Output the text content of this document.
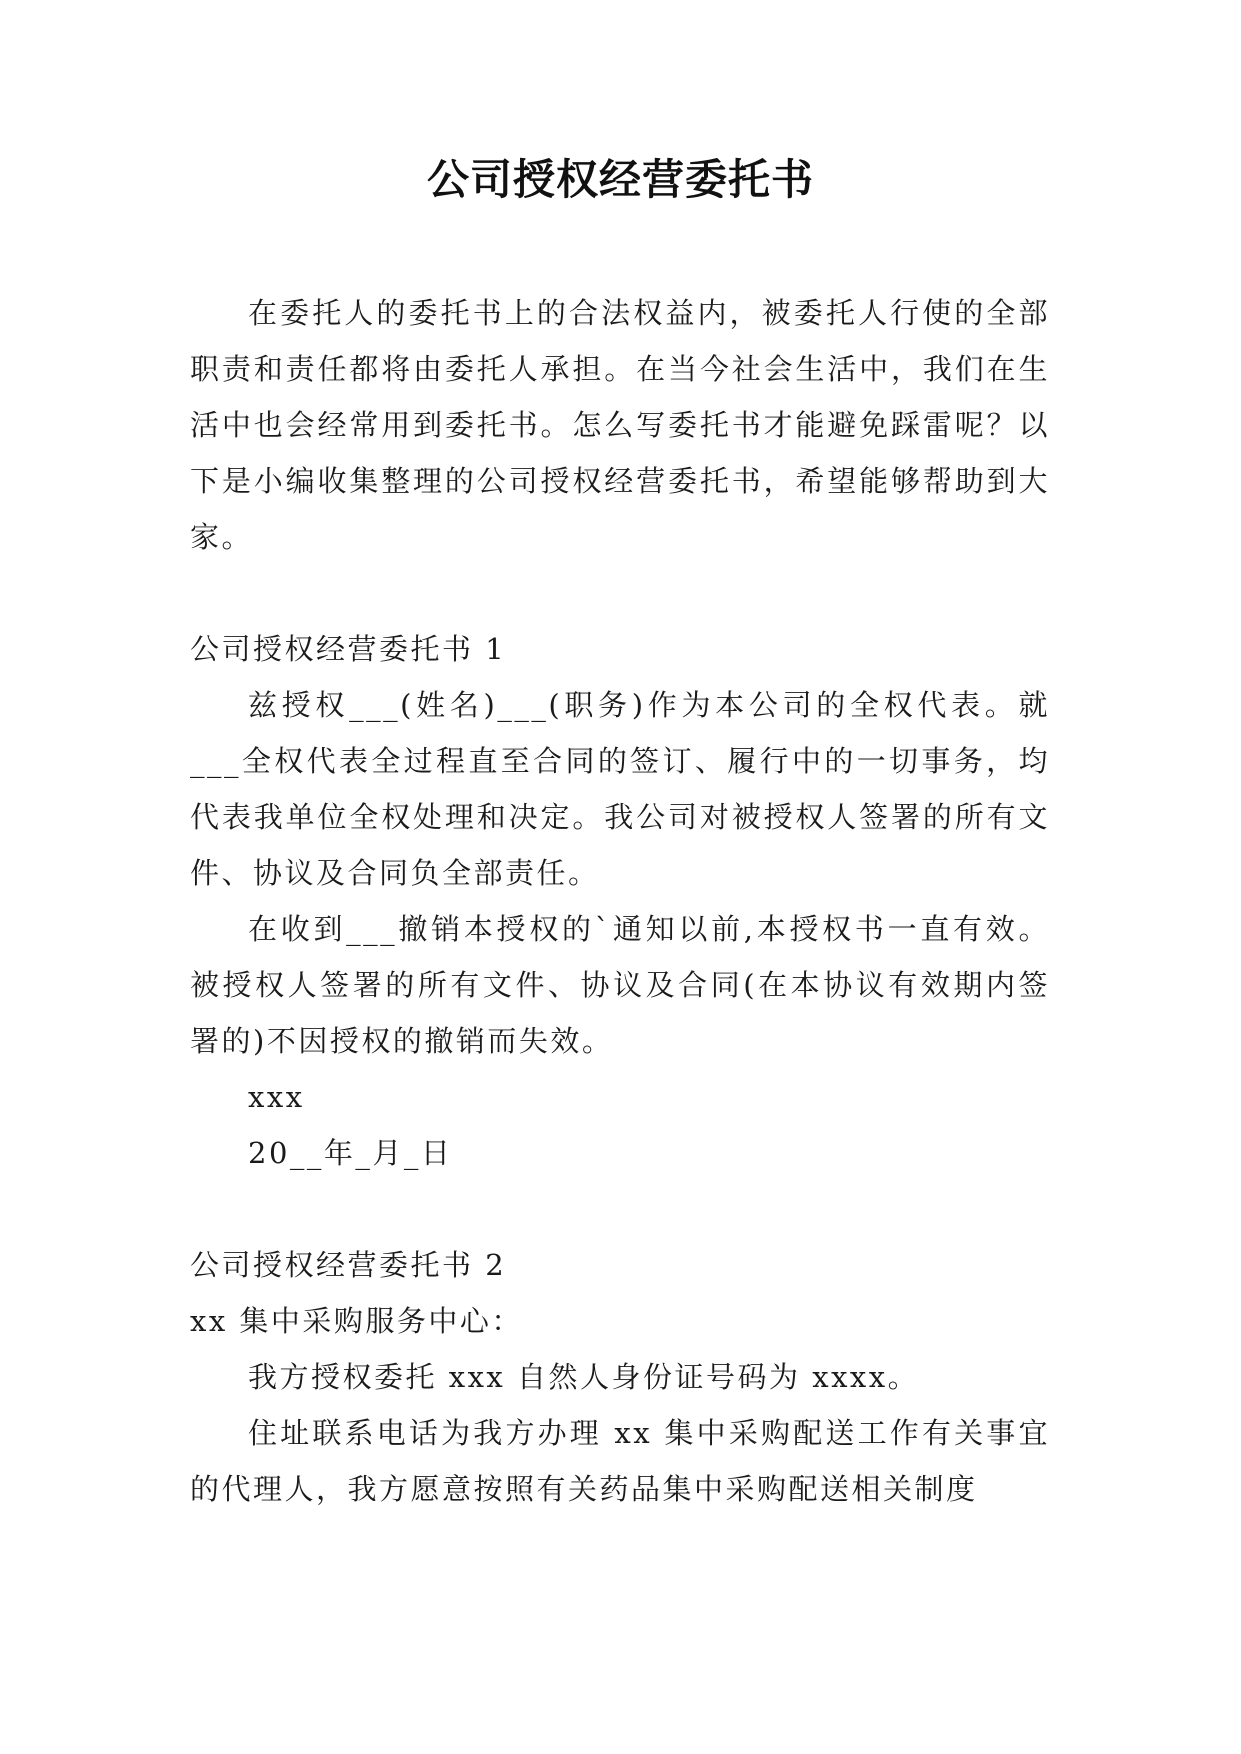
公司授权经营委托书

在委托人的委托书上的合法权益内，被委托人行使的全部职责和责任都将由委托人承担。在当今社会生活中，我们在生活中也会经常用到委托书。怎么写委托书才能避免踩雷呢？以下是小编收集整理的公司授权经营委托书，希望能够帮助到大家。

公司授权经营委托书 1

兹授权___(姓名)___(职务)作为本公司的全权代表。就___全权代表全过程直至合同的签订、履行中的一切事务，均代表我单位全权处理和决定。我公司对被授权人签署的所有文件、协议及合同负全部责任。

在收到___撤销本授权的`通知以前,本授权书一直有效。被授权人签署的所有文件、协议及合同(在本协议有效期内签署的)不因授权的撤销而失效。

xxx

20__年_月_日

公司授权经营委托书 2

xx 集中采购服务中心：

我方授权委托 xxx 自然人身份证号码为 xxxx。

住址联系电话为我方办理 xx 集中采购配送工作有关事宜的代理人，我方愿意按照有关药品集中采购配送相关制度
